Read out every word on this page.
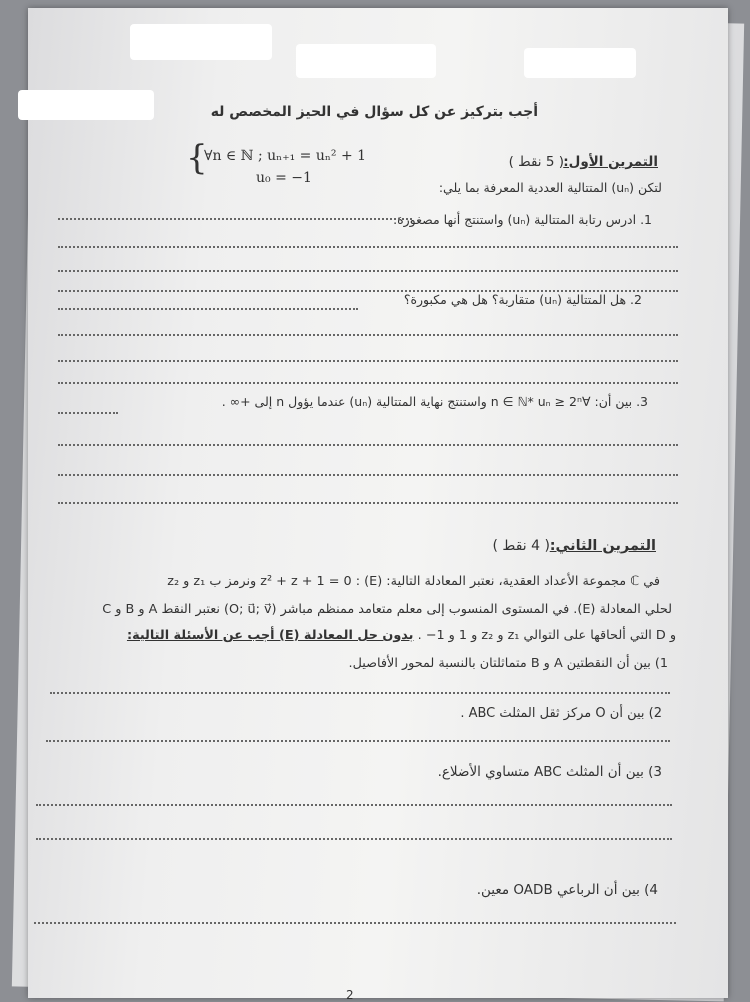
أجب بتركيز عن كل سؤال في الحيز المخصص له
{
∀n ∈ ℕ ; uₙ₊₁ = uₙ² + 1
u₀ = −1
التمرين الأول:
( 5 نقط )
لتكن (uₙ) المتتالية العددية المعرفة بما يلي:
1. ادرس رتابة المتتالية (uₙ) واستنتج أنها مصغورة.
2. هل المتتالية (uₙ) متقاربة؟ هل هي مكبورة؟
3. بين أن: ∀n ∈ ℕ* uₙ ≥ 2ⁿ واستنتج نهاية المتتالية (uₙ) عندما يؤول n إلى +∞ .
التمرين الثاني:
( 4 نقط )
في ℂ مجموعة الأعداد العقدية، نعتبر المعادلة التالية: (E) : z² + z + 1 = 0 ونرمز ب z₁ و z₂
لحلي المعادلة (E). في المستوى المنسوب إلى معلم متعامد ممنظم مباشر (O; u⃗; v⃗) نعتبر النقط A و B و C
و D التي ألحاقها على التوالي z₁ و z₂ و 1 و 1− . بدون حل المعادلة (E) أجب عن الأسئلة التالية:
1) بين أن النقطتين A و B متماثلتان بالنسبة لمحور الأفاصيل.
2) بين أن O مركز ثقل المثلث ABC .
3) بين أن المثلث ABC متساوي الأضلاع.
4) بين أن الرباعي OADB معين.
2
